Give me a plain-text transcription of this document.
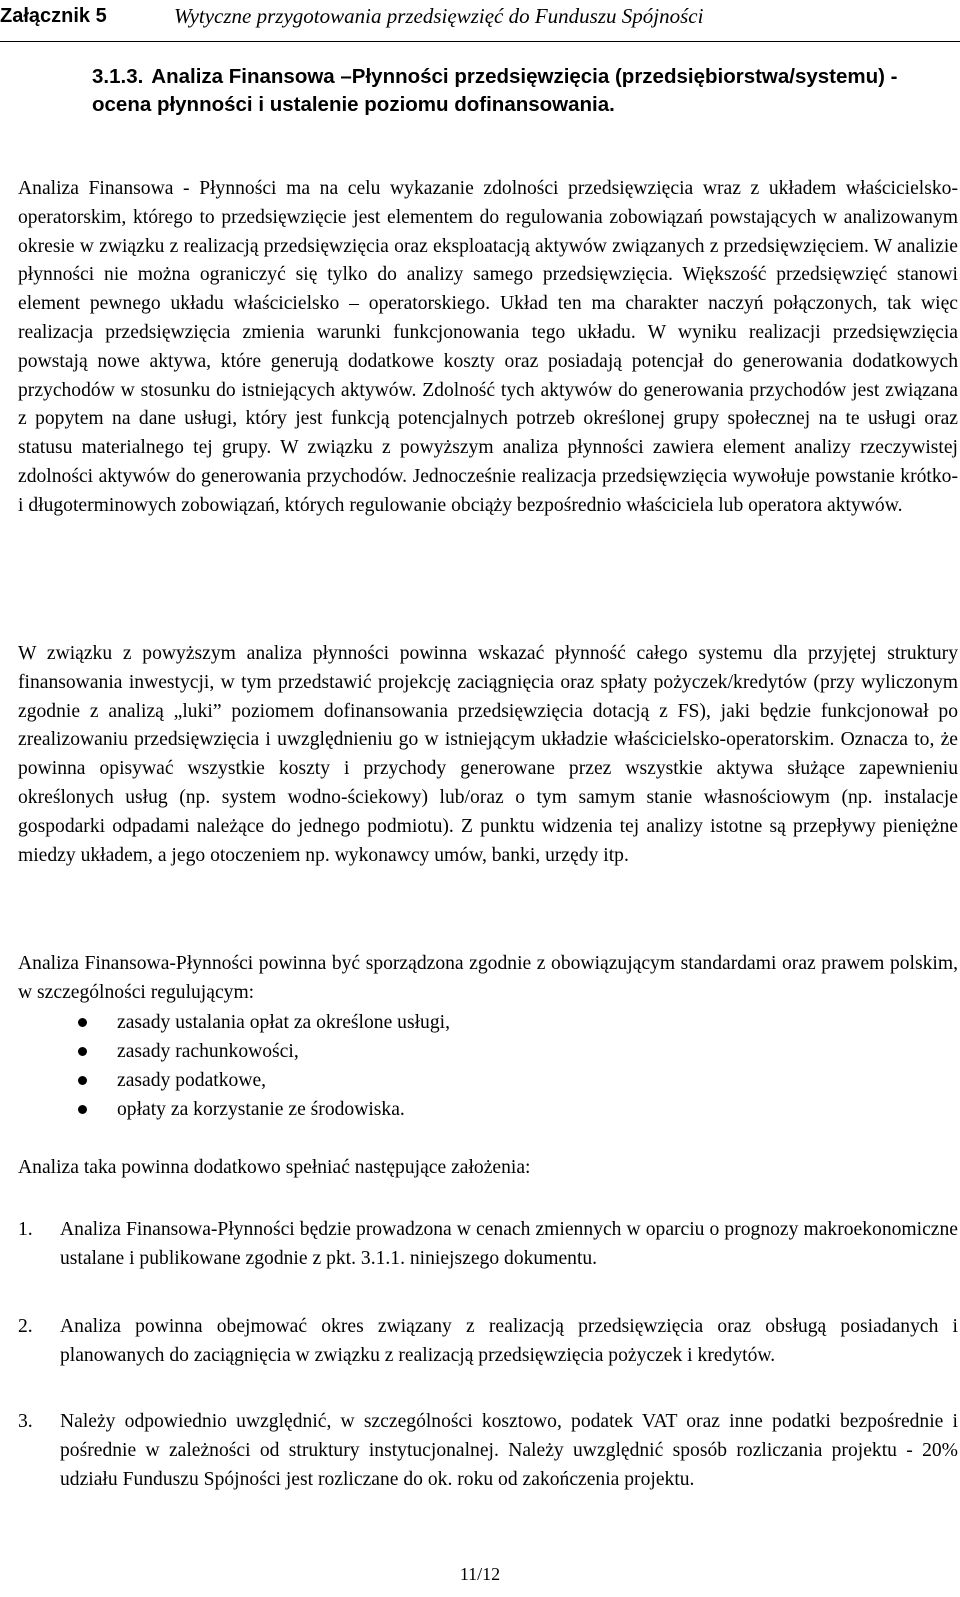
Załącznik 5	Wytyczne przygotowania przedsięwzięć do Funduszu Spójności
3.1.3. Analiza Finansowa –Płynności przedsięwzięcia (przedsiębiorstwa/systemu) - ocena płynności i ustalenie poziomu dofinansowania.

Analiza Finansowa - Płynności ma na celu wykazanie zdolności przedsięwzięcia wraz z układem właścicielsko-operatorskim, którego to przedsięwzięcie jest elementem do regulowania zobowiązań powstających w analizowanym okresie w związku z realizacją przedsięwzięcia oraz eksploatacją aktywów związanych z przedsięwzięciem. W analizie płynności nie można ograniczyć się tylko do analizy samego przedsięwzięcia. Większość przedsięwzięć stanowi element pewnego układu właścicielsko – operatorskiego. Układ ten ma charakter naczyń połączonych, tak więc realizacja przedsięwzięcia zmienia warunki funkcjonowania tego układu. W wyniku realizacji przedsięwzięcia powstają nowe aktywa, które generują dodatkowe koszty oraz posiadają potencjał do generowania dodatkowych przychodów w stosunku do istniejących aktywów. Zdolność tych aktywów do generowania przychodów jest związana z popytem na dane usługi, który jest funkcją potencjalnych potrzeb określonej grupy społecznej na te usługi oraz statusu materialnego tej grupy. W związku z powyższym analiza płynności zawiera element analizy rzeczywistej zdolności aktywów do generowania przychodów. Jednocześnie realizacja przedsięwzięcia wywołuje powstanie krótko- i długoterminowych zobowiązań, których regulowanie obciąży bezpośrednio właściciela lub operatora aktywów.

W związku z powyższym analiza płynności powinna wskazać płynność całego systemu dla przyjętej struktury finansowania inwestycji, w tym przedstawić projekcję zaciągnięcia oraz spłaty pożyczek/kredytów (przy wyliczonym zgodnie z analizą „luki” poziomem dofinansowania przedsięwzięcia dotacją z FS), jaki będzie funkcjonował po zrealizowaniu przedsięwzięcia i uwzględnieniu go w istniejącym układzie właścicielsko-operatorskim. Oznacza to, że powinna opisywać wszystkie koszty i przychody generowane przez wszystkie aktywa służące zapewnieniu określonych usług (np. system wodno-ściekowy) lub/oraz o tym samym stanie własnościowym (np. instalacje gospodarki odpadami należące do jednego podmiotu). Z punktu widzenia tej analizy istotne są przepływy pieniężne miedzy układem, a jego otoczeniem np. wykonawcy umów, banki, urzędy itp.

Analiza Finansowa-Płynności powinna być sporządzona zgodnie z obowiązującym standardami oraz prawem polskim, w szczególności regulującym:

zasady ustalania opłat za określone usługi,
zasady rachunkowości,
zasady podatkowe,
opłaty za korzystanie ze środowiska.

Analiza taka powinna dodatkowo spełniać następujące założenia:

1. Analiza Finansowa-Płynności będzie prowadzona w cenach zmiennych w oparciu o prognozy makroekonomiczne ustalane i publikowane zgodnie z pkt. 3.1.1. niniejszego dokumentu.
2. Analiza powinna obejmować okres związany z realizacją przedsięwzięcia oraz obsługą posiadanych i planowanych do zaciągnięcia w związku z realizacją przedsięwzięcia pożyczek i kredytów.
3. Należy odpowiednio uwzględnić, w szczególności kosztowo, podatek VAT oraz inne podatki bezpośrednie i pośrednie w zależności od struktury instytucjonalnej. Należy uwzględnić sposób rozliczania projektu - 20% udziału Funduszu Spójności jest rozliczane do ok. roku od zakończenia projektu.
11/12
